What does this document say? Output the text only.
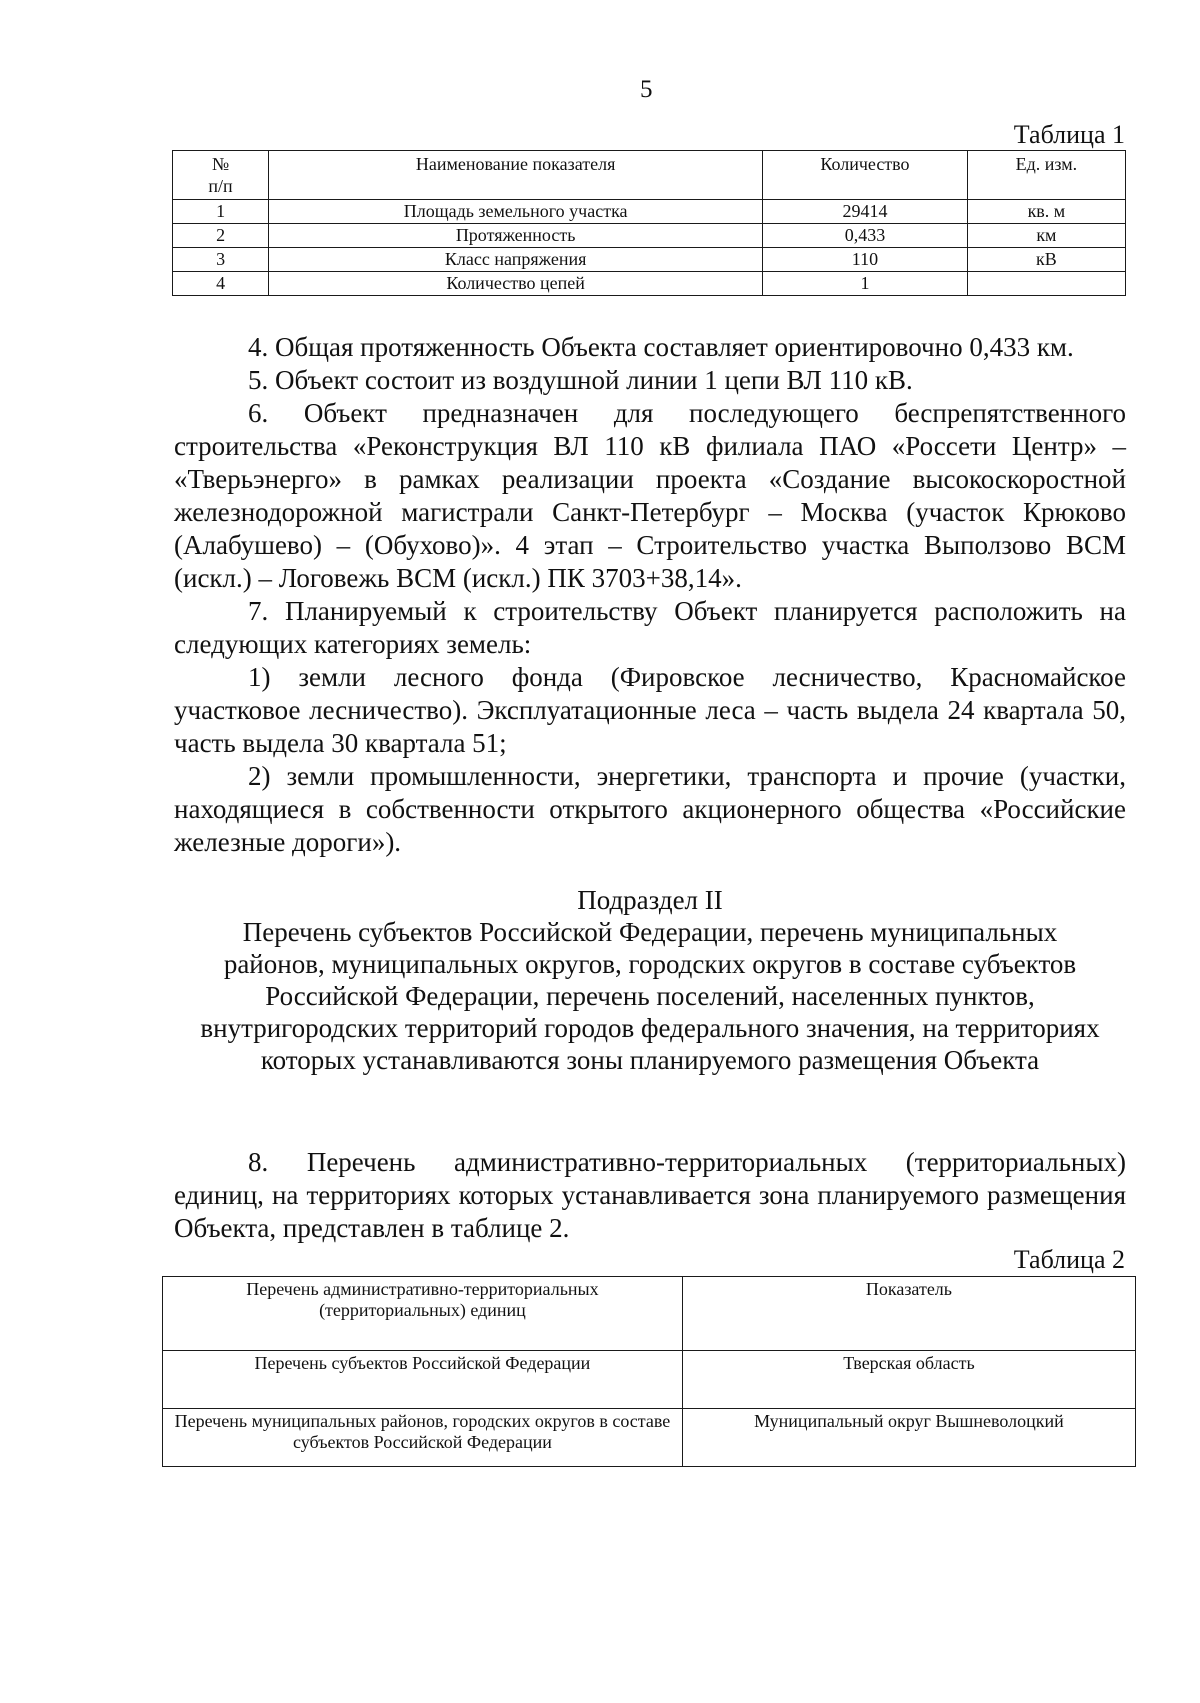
5
Таблица 1
№
п/п	Наименование показателя	Количество	Ед. изм.
1	Площадь земельного участка	29414	кв. м
2	Протяженность	0,433	км
3	Класс напряжения	110	кВ
4	Количество цепей	1	

4. Общая протяженность Объекта составляет ориентировочно 0,433 км.

5. Объект состоит из воздушной линии 1 цепи ВЛ 110 кВ.

6. Объект предназначен для последующего беспрепятственного строительства «Реконструкция ВЛ 110 кВ филиала ПАО «Россети Центр» – «Тверьэнерго» в рамках реализации проекта «Создание высокоскоростной железнодорожной магистрали Санкт-Петербург – Москва (участок Крюково (Алабушево) – (Обухово)». 4 этап – Строительство участка Выползово ВСМ (искл.) – Логовежь ВСМ (искл.) ПК 3703+38,14».

7. Планируемый к строительству Объект планируется расположить на следующих категориях земель:

1) земли лесного фонда (Фировское лесничество, Красномайское участковое лесничество). Эксплуатационные леса – часть выдела 24 квартала 50, часть выдела 30 квартала 51;

2) земли промышленности, энергетики, транспорта и прочие (участки, находящиеся в собственности открытого акционерного общества «Российские железные дороги»).

Подраздел II
Перечень субъектов Российской Федерации, перечень муниципальных районов, муниципальных округов, городских округов в составе субъектов Российской Федерации, перечень поселений, населенных пунктов, внутригородских территорий городов федерального значения, на территориях которых устанавливаются зоны планируемого размещения Объекта

8. Перечень административно-территориальных (территориальных) единиц, на территориях которых устанавливается зона планируемого размещения Объекта, представлен в таблице 2.

Таблица 2
Перечень административно-территориальных (территориальных) единиц	Показатель
Перечень субъектов Российской Федерации	Тверская область
Перечень муниципальных районов, городских округов в составе субъектов Российской Федерации	Муниципальный округ Вышневолоцкий
